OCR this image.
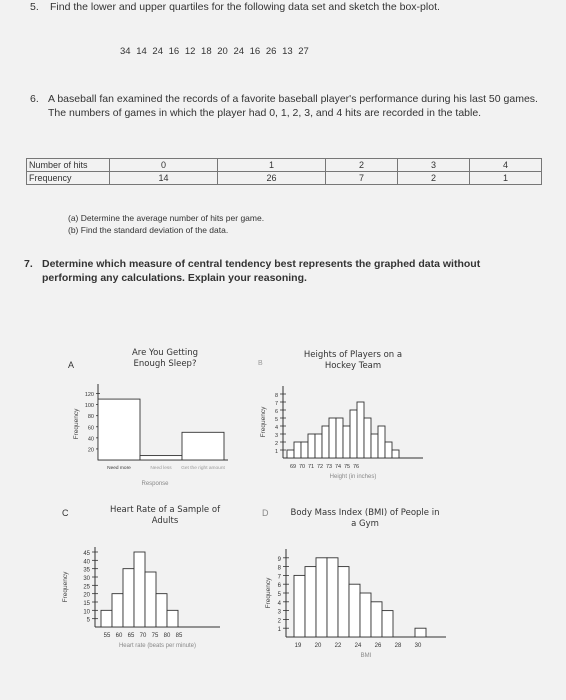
5. Find the lower and upper quartiles for the following data set and sketch the box-plot.
34 14 24 16 12 18 20 24 16 26 13 27
6. A baseball fan examined the records of a favorite baseball player's performance during his last 50 games. The numbers of games in which the player had 0, 1, 2, 3, and 4 hits are recorded in the table.
Number of hits	0	1	2	3	4
Frequency	14	26	7	2	1
(a) Determine the average number of hits per game.
(b) Find the standard deviation of the data.
7. Determine which measure of central tendency best represents the graphed data without performing any calculations. Explain your reasoning.
A
Are You Getting Enough Sleep?	B
Heights of Players on a Hockey Team
C	Heart Rate of a Sample of Adults
D	Body Mass Index (BMI) of People in a Gym
120
100
80
60
40
20
Frequency
Need more	Need less Get the right amount
Response
8
7
6
5
4
3
2
1
Frequency
69 70 71 72 73 74 75 76
Height (in inches)
45
40
35
30
25
20
15
10
5
Frequency
55 60 65 70 75 80 85
Heart rate (beats per minute)
9
8
7
6
5
4
3
2
1
Frequency
19 20 22 24 26 28 30
BMI
